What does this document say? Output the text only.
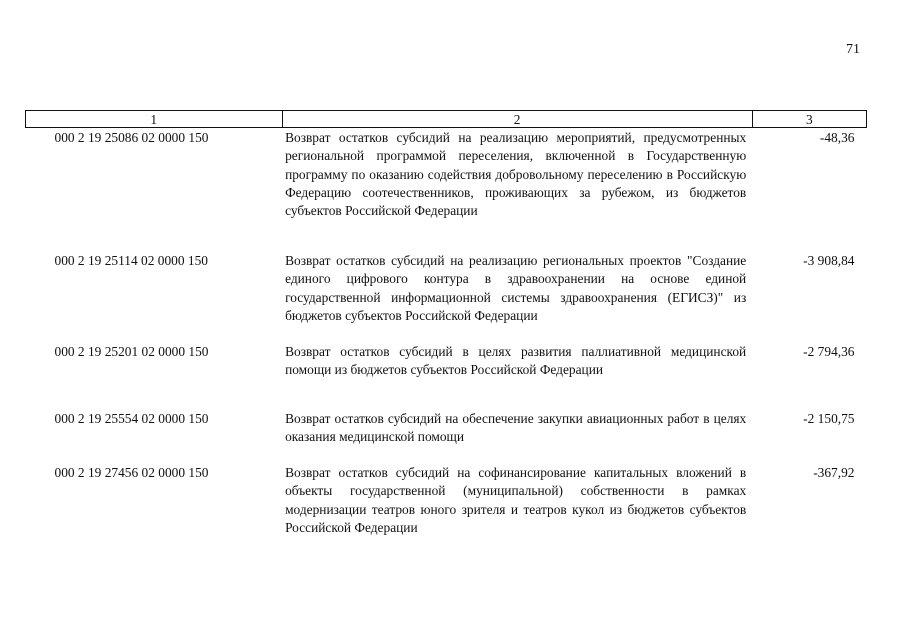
71
1	2	3
000 2 19 25086 02 0000 150	Возврат остатков субсидий на реализацию мероприятий, предусмотренных региональной программой переселения, включенной в Государственную программу по оказанию содействия добровольному переселению в Российскую Федерацию соотечественников, проживающих за рубежом, из бюджетов субъектов Российской Федерации	-48,36
000 2 19 25114 02 0000 150	Возврат остатков субсидий на реализацию региональных проектов "Создание единого цифрового контура в здравоохранении на основе единой государственной информационной системы здравоохранения (ЕГИСЗ)" из бюджетов субъектов Российской Федерации	-3 908,84
000 2 19 25201 02 0000 150	Возврат остатков субсидий в целях развития паллиативной медицинской помощи из бюджетов субъектов Российской Федерации	-2 794,36
000 2 19 25554 02 0000 150	Возврат остатков субсидий на обеспечение закупки авиационных работ в целях оказания медицинской помощи	-2 150,75
000 2 19 27456 02 0000 150	Возврат остатков субсидий на софинансирование капитальных вложений в объекты государственной (муниципальной) собственности в рамках модернизации театров юного зрителя и театров кукол из бюджетов субъектов Российской Федерации	-367,92
